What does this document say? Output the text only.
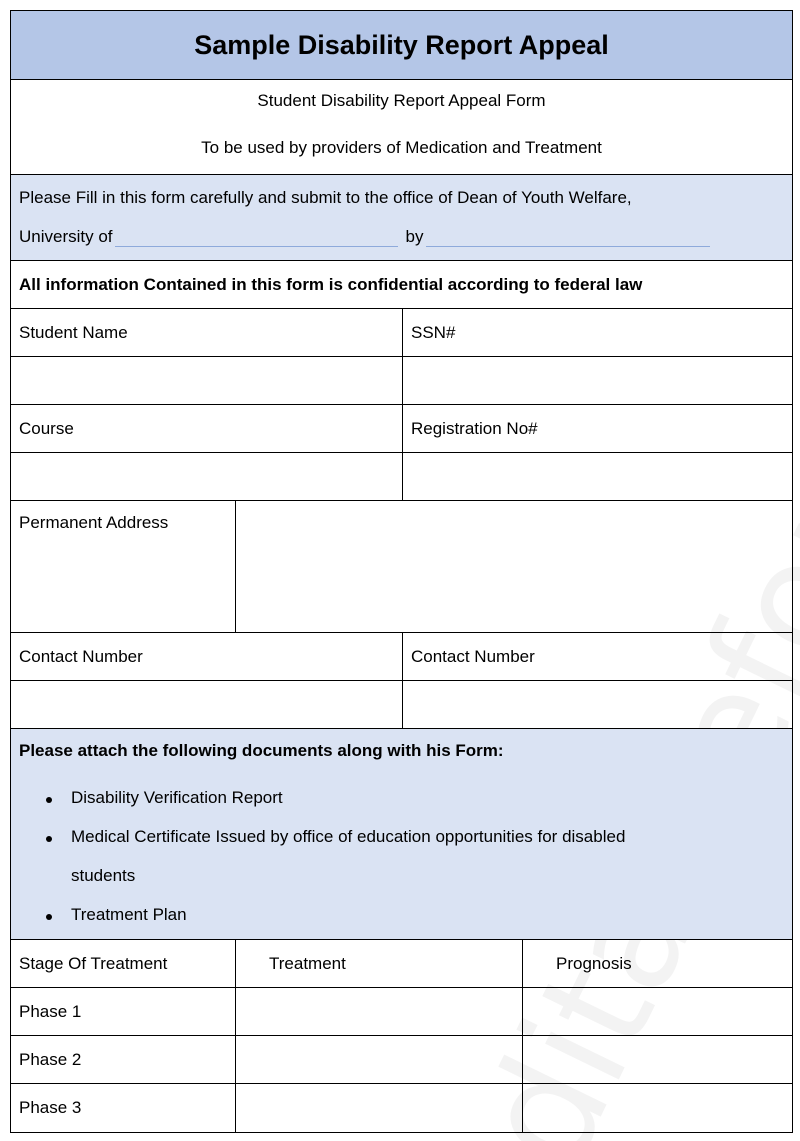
Sample Disability Report Appeal
Student Disability Report Appeal Form
To be used by providers of Medication and Treatment
Please Fill in this form carefully and submit to the office of Dean of Youth Welfare,
University of	by
All information Contained in this form is confidential according to federal law
Student Name	SSN#
Course	Registration No#
Permanent Address
Contact Number	Contact Number
Please attach the following documents along with his Form:
Disability Verification Report
Medical Certificate Issued by office of education opportunities for disabled
students
Treatment Plan
Stage Of Treatment	Treatment	Prognosis
Phase 1
Phase 2
Phase 3
